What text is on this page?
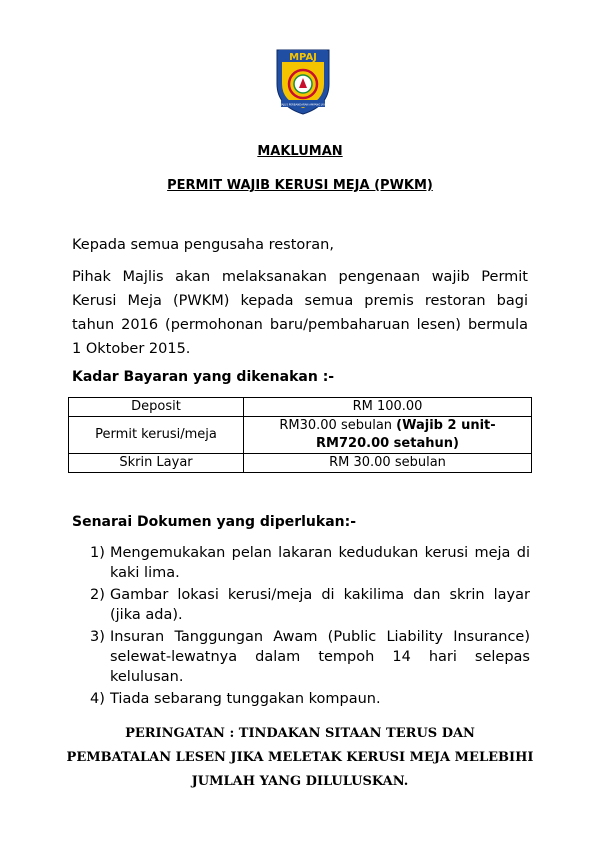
MPAJ
MAJLIS PERBANDARAN AMPANG JAYA
MAKLUMAN
PERMIT WAJIB KERUSI MEJA (PWKM)
Kepada semua pengusaha restoran,
Pihak Majlis akan melaksanakan pengenaan wajib Permit Kerusi Meja (PWKM) kepada semua premis restoran bagi tahun 2016 (permohonan baru/pembaharuan lesen) bermula 1 Oktober 2015.
Kadar Bayaran yang dikenakan :-
Deposit	RM 100.00
Permit kerusi/meja	RM30.00 sebulan (Wajib 2 unit-RM720.00 setahun)
Skrin Layar	RM 30.00 sebulan
Senarai Dokumen yang diperlukan:-
1) Mengemukakan pelan lakaran kedudukan kerusi meja di kaki lima.
2) Gambar lokasi kerusi/meja di kakilima dan skrin layar (jika ada).
3) Insuran Tanggungan Awam (Public Liability Insurance) selewat-lewatnya dalam tempoh 14 hari selepas kelulusan.
4) Tiada sebarang tunggakan kompaun.
PERINGATAN : TINDAKAN SITAAN TERUS DAN
PEMBATALAN LESEN JIKA MELETAK KERUSI MEJA MELEBIHI
JUMLAH YANG DILULUSKAN.
